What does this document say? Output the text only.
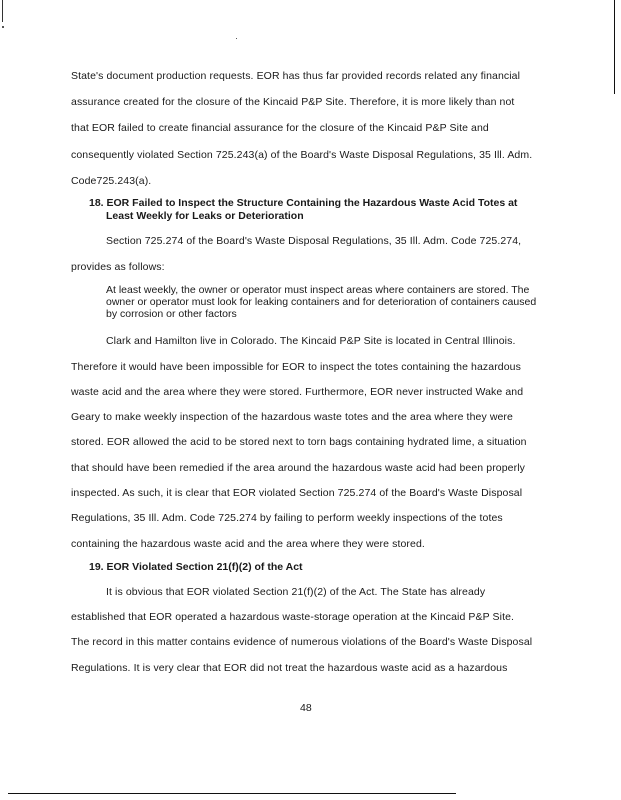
State's document production requests. EOR has thus far provided records related any financial
assurance created for the closure of the Kincaid P&P Site. Therefore, it is more likely than not
that EOR failed to create financial assurance for the closure of the Kincaid P&P Site and
consequently violated Section 725.243(a) of the Board's Waste Disposal Regulations, 35 Ill. Adm.
Code725.243(a).
18. EOR Failed to Inspect the Structure Containing the Hazardous Waste Acid Totes at
Least Weekly for Leaks or Deterioration
Section 725.274 of the Board's Waste Disposal Regulations, 35 Ill. Adm. Code 725.274,
provides as follows:
At least weekly, the owner or operator must inspect areas where containers are stored. The owner or operator must look for leaking containers and for deterioration of containers caused by corrosion or other factors
Clark and Hamilton live in Colorado. The Kincaid P&P Site is located in Central Illinois.
Therefore it would have been impossible for EOR to inspect the totes containing the hazardous
waste acid and the area where they were stored. Furthermore, EOR never instructed Wake and
Geary to make weekly inspection of the hazardous waste totes and the area where they were
stored. EOR allowed the acid to be stored next to torn bags containing hydrated lime, a situation
that should have been remedied if the area around the hazardous waste acid had been properly
inspected. As such, it is clear that EOR violated Section 725.274 of the Board's Waste Disposal
Regulations, 35 Ill. Adm. Code 725.274 by failing to perform weekly inspections of the totes
containing the hazardous waste acid and the area where they were stored.
19. EOR Violated Section 21(f)(2) of the Act
It is obvious that EOR violated Section 21(f)(2) of the Act. The State has already
established that EOR operated a hazardous waste-storage operation at the Kincaid P&P Site.
The record in this matter contains evidence of numerous violations of the Board's Waste Disposal
Regulations. It is very clear that EOR did not treat the hazardous waste acid as a hazardous
48
